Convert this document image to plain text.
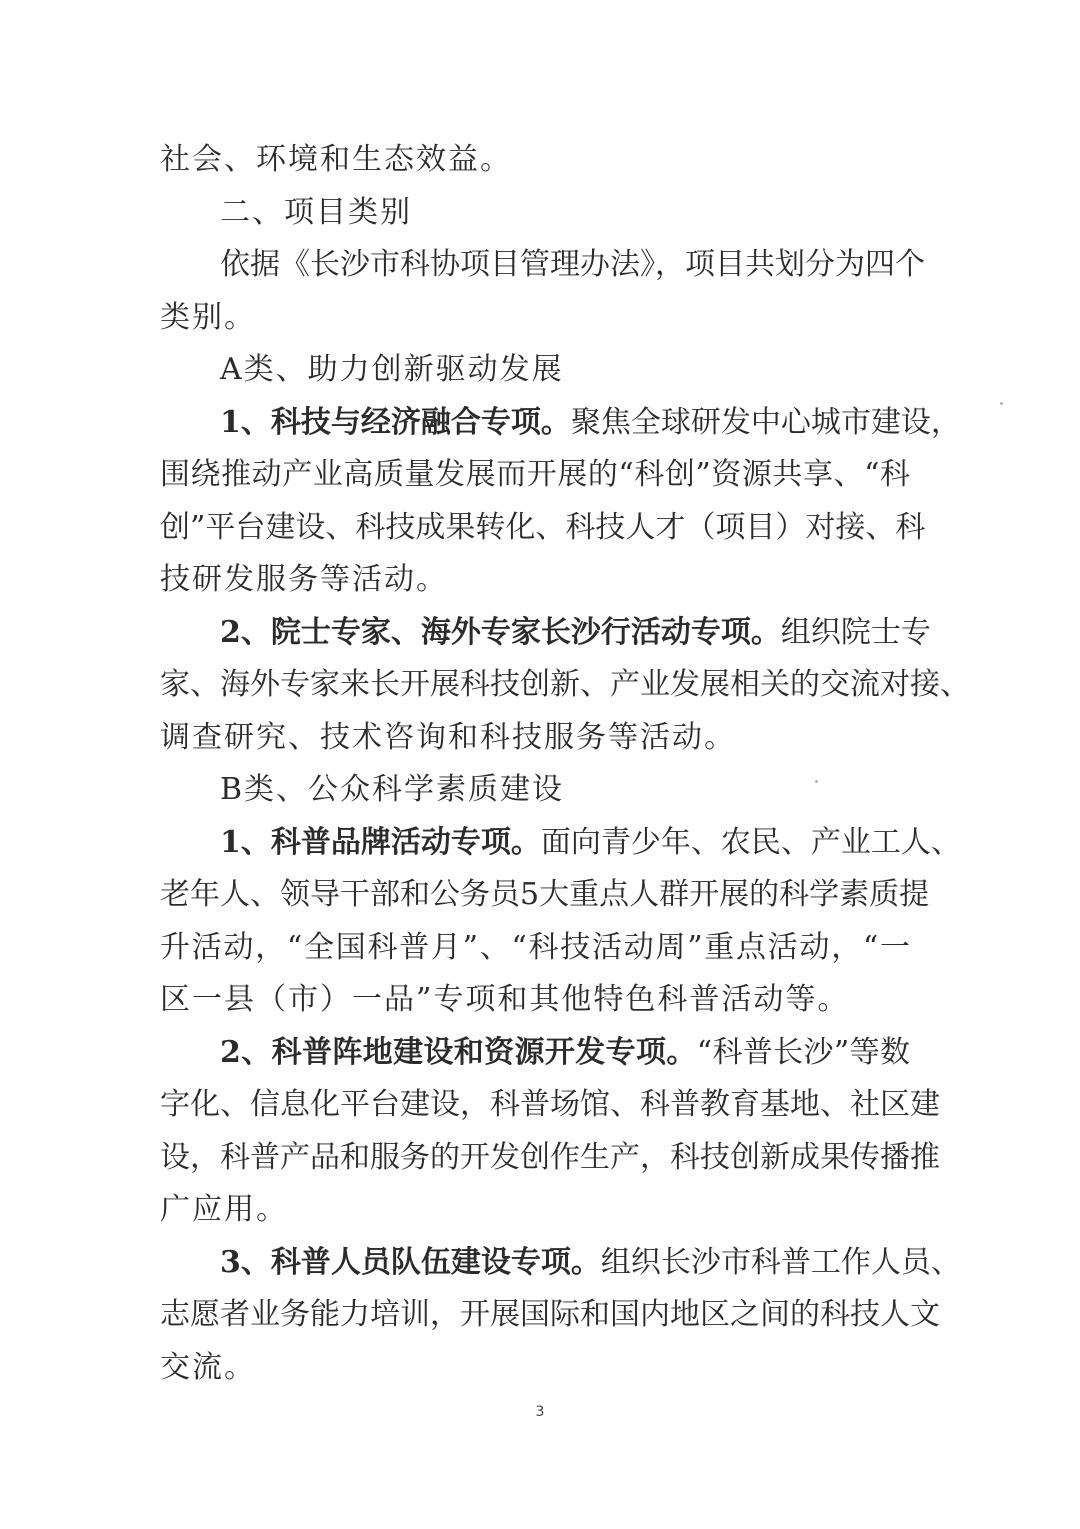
社会、环境和生态效益。
二、项目类别
依据《长沙市科协项目管理办法》，项目共划分为四个
类别。
A类、助力创新驱动发展
1、科技与经济融合专项。聚焦全球研发中心城市建设，
围绕推动产业高质量发展而开展的“科创”资源共享、“科
创”平台建设、科技成果转化、科技人才（项目）对接、科
技研发服务等活动。
2、院士专家、海外专家长沙行活动专项。组织院士专
家、海外专家来长开展科技创新、产业发展相关的交流对接、
调查研究、技术咨询和科技服务等活动。
B类、公众科学素质建设
1、科普品牌活动专项。面向青少年、农民、产业工人、
老年人、领导干部和公务员5大重点人群开展的科学素质提
升活动，“全国科普月”、“科技活动周”重点活动，“一
区一县（市）一品”专项和其他特色科普活动等。
2、科普阵地建设和资源开发专项。“科普长沙”等数
字化、信息化平台建设，科普场馆、科普教育基地、社区建
设，科普产品和服务的开发创作生产，科技创新成果传播推
广应用。
3、科普人员队伍建设专项。组织长沙市科普工作人员、
志愿者业务能力培训，开展国际和国内地区之间的科技人文
交流。
3
